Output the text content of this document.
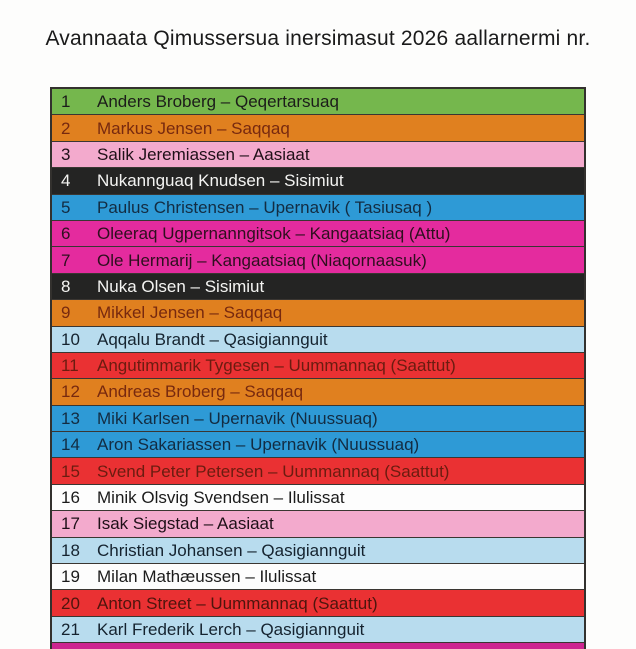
Avannaata Qimussersua inersimasut 2026 aallarnermi nr.
1	Anders Broberg – Qeqertarsuaq
2	Markus Jensen – Saqqaq
3	Salik Jeremiassen – Aasiaat
4	Nukannguaq Knudsen – Sisimiut
5	Paulus Christensen – Upernavik ( Tasiusaq )
6	Oleeraq Ugpernanngitsok – Kangaatsiaq (Attu)
7	Ole Hermarij – Kangaatsiaq (Niaqornaasuk)
8	Nuka Olsen – Sisimiut
9	Mikkel Jensen – Saqqaq
10	Aqqalu Brandt – Qasigiannguit
11	Angutimmarik Tygesen – Uummannaq (Saattut)
12	Andreas Broberg – Saqqaq
13	Miki Karlsen – Upernavik (Nuussuaq)
14	Aron Sakariassen – Upernavik (Nuussuaq)
15	Svend Peter Petersen – Uummannaq (Saattut)
16	Minik Olsvig Svendsen – Ilulissat
17	Isak Siegstad – Aasiaat
18	Christian Johansen – Qasigiannguit
19	Milan Mathæussen – Ilulissat
20	Anton Street – Uummannaq (Saattut)
21	Karl Frederik Lerch – Qasigiannguit
